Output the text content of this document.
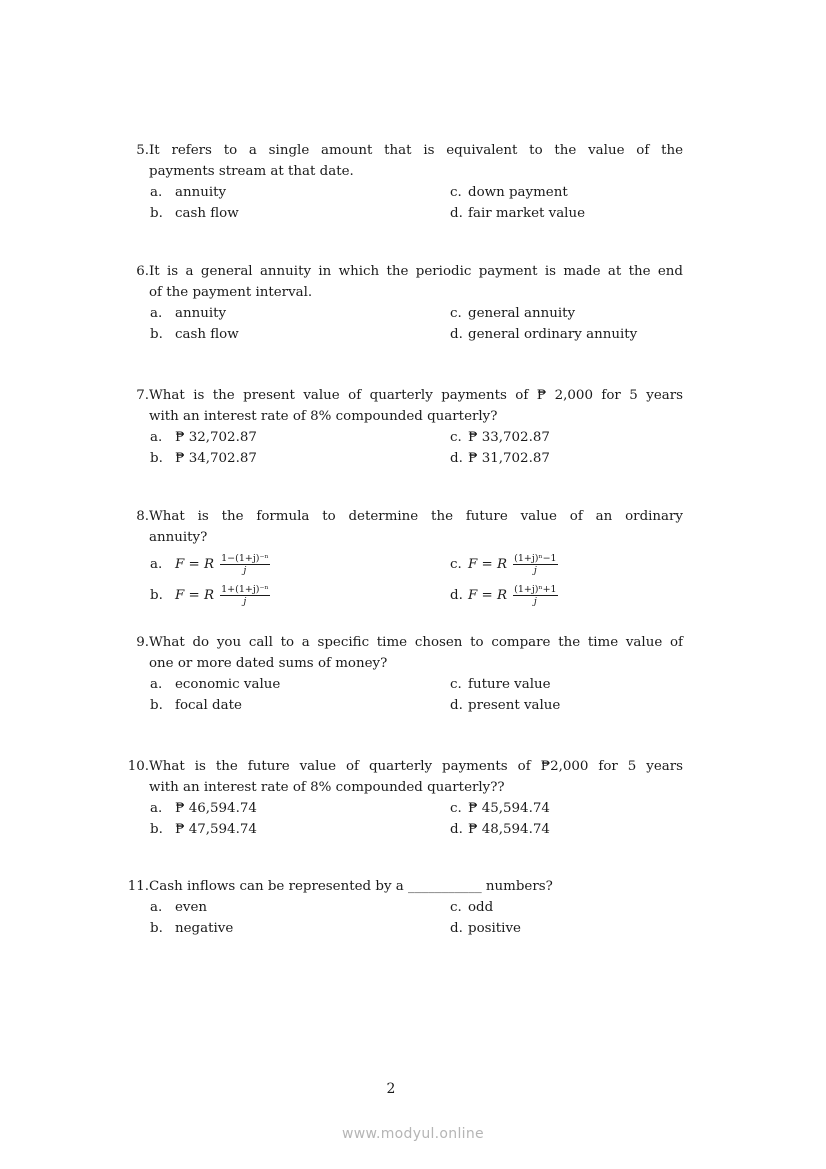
5. It refers to a single amount that is equivalent to the value of the
payments stream at that date.
a. annuity
b. cash flow
c. down payment
d. fair market value
6. It is a general annuity in which the periodic payment is made at the end
of the payment interval.
a. annuity
b. cash flow
c. general annuity
d. general ordinary annuity
7. What is the present value of quarterly payments of ₱ 2,000 for 5 years
with an interest rate of 8% compounded quarterly?
a. ₱ 32,702.87
b. ₱ 34,702.87
c. ₱ 33,702.87
d. ₱ 31,702.87
8. What is the formula to determine the future value of an ordinary
annuity?
a. F = R $\frac{\text{1−(1+j)⁻ⁿ}}{j}$
b. F = R $\frac{\text{1+(1+j)⁻ⁿ}}{j}$
c. F = R $\frac{\text{(1+j)ⁿ−1}}{j}$
d. F = R $\frac{\text{(1+j)ⁿ+1}}{j}$
9. What do you call to a specific time chosen to compare the time value of
one or more dated sums of money?
a. economic value
b. focal date
c. future value
d. present value
10. What is the future value of quarterly payments of ₱2,000 for 5 years
with an interest rate of 8% compounded quarterly??
a. ₱ 46,594.74
b. ₱ 47,594.74
c. ₱ 45,594.74
d. ₱ 48,594.74
11. Cash inflows can be represented by a ___________ numbers?
a. even
b. negative
c. odd
d. positive
2
www.modyul.online
